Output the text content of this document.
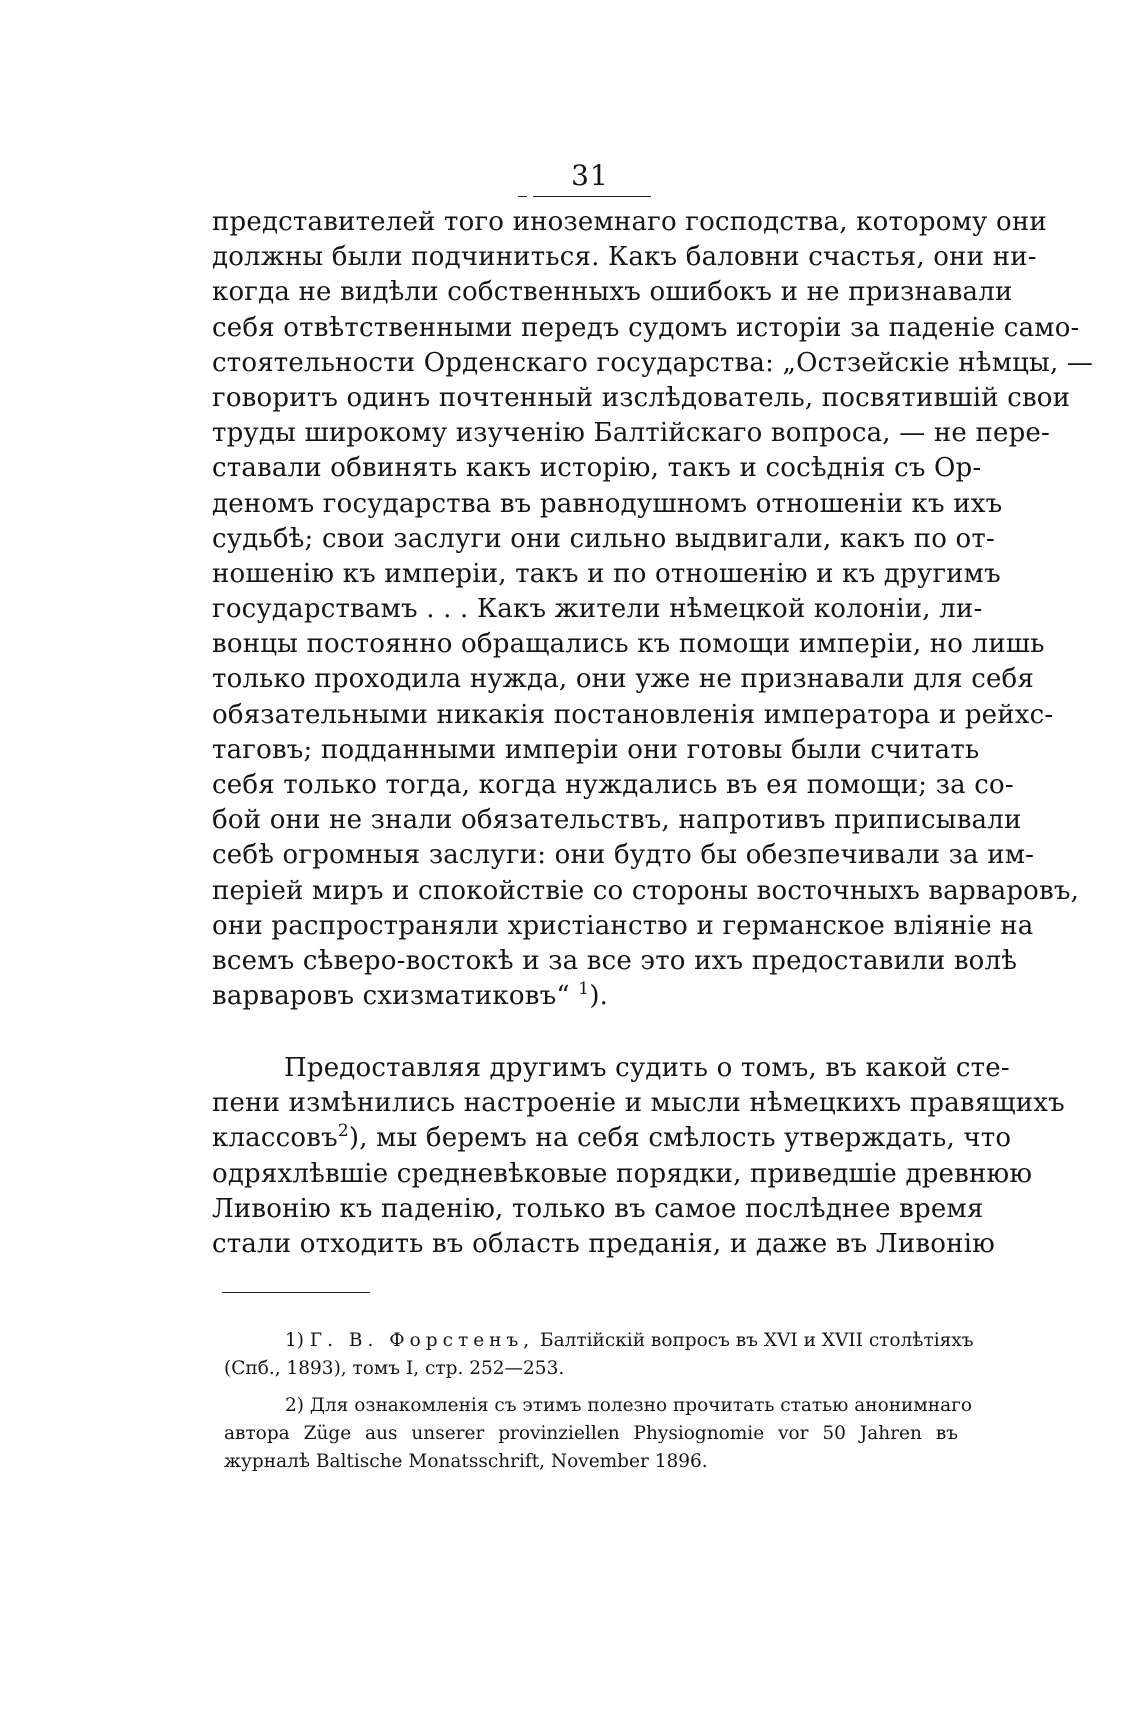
31
представителей того иноземнаго господства, которому они
должны были подчиниться. Какъ баловни счастья, они ни-
когда не видѣли собственныхъ ошибокъ и не признавали
себя отвѣтственными передъ судомъ исторіи за паденіе само-
стоятельности Орденскаго государства: „Остзейскіе нѣмцы, —
говоритъ одинъ почтенный изслѣдователь, посвятившій свои
труды широкому изученію Балтійскаго вопроса, — не пере-
ставали обвинять какъ исторію, такъ и сосѣднія съ Ор-
деномъ государства въ равнодушномъ отношеніи къ ихъ
судьбѣ; свои заслуги они сильно выдвигали, какъ по от-
ношенію къ имперіи, такъ и по отношенію и къ другимъ
государствамъ . . . Какъ жители нѣмецкой колоніи, ли-
вонцы постоянно обращались къ помощи имперіи, но лишь
только проходила нужда, они уже не признавали для себя
обязательными никакія постановленія императора и рейхс-
таговъ; подданными имперіи они готовы были считать
себя только тогда, когда нуждались въ ея помощи; за со-
бой они не знали обязательствъ, напротивъ приписывали
себѣ огромныя заслуги: они будто бы обезпечивали за им-
періей миръ и спокойствіе со стороны восточныхъ варваровъ,
они распространяли христіанство и германское вліяніе на
всемъ сѣверо-востокѣ и за все это ихъ предоставили волѣ
варваровъ схизматиковъ“ $^1$).
Предоставляя другимъ судить о томъ, въ какой сте-
пени измѣнились настроеніе и мысли нѣмецкихъ правящихъ
классовъ$^2$), мы беремъ на себя смѣлость утверждать, что
одряхлѣвшіе средневѣковые порядки, приведшіе древнюю
Ливонію къ паденію, только въ самое послѣднее время
стали отходить въ область преданія, и даже въ Ливонію
1) Г. В. Форстенъ, Балтійскій вопросъ въ XVI и XVII столѣтіяхъ
(Спб., 1893), томъ I, стр. 252—253.
2) Для ознакомленія съ этимъ полезно прочитать статью анонимнаго
автора Züge aus unserer provinziellen Physiognomie vor 50 Jahren въ
журналѣ Baltische Monatsschrift, November 1896.
